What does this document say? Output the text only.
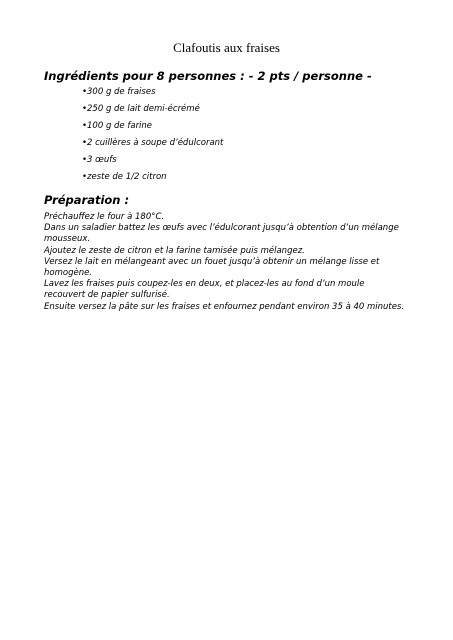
Clafoutis aux fraises
Ingrédients pour 8 personnes : - 2 pts / personne -
•300 g de fraises
•250 g de lait demi-écrémé
•100 g de farine
•2 cuillères à soupe d’édulcorant
•3 œufs
•zeste de 1/2 citron
Préparation :

Préchauffez le four à 180°C.

Dans un saladier battez les œufs avec l’édulcorant jusqu’à obtention d’un mélange

mousseux.

Ajoutez le zeste de citron et la farine tamisée puis mélangez.

Versez le lait en mélangeant avec un fouet jusqu’à obtenir un mélange lisse et

homogène.

Lavez les fraises puis coupez-les en deux, et placez-les au fond d’un moule

recouvert de papier sulfurisé.

Ensuite versez la pâte sur les fraises et enfournez pendant environ 35 à 40 minutes.
